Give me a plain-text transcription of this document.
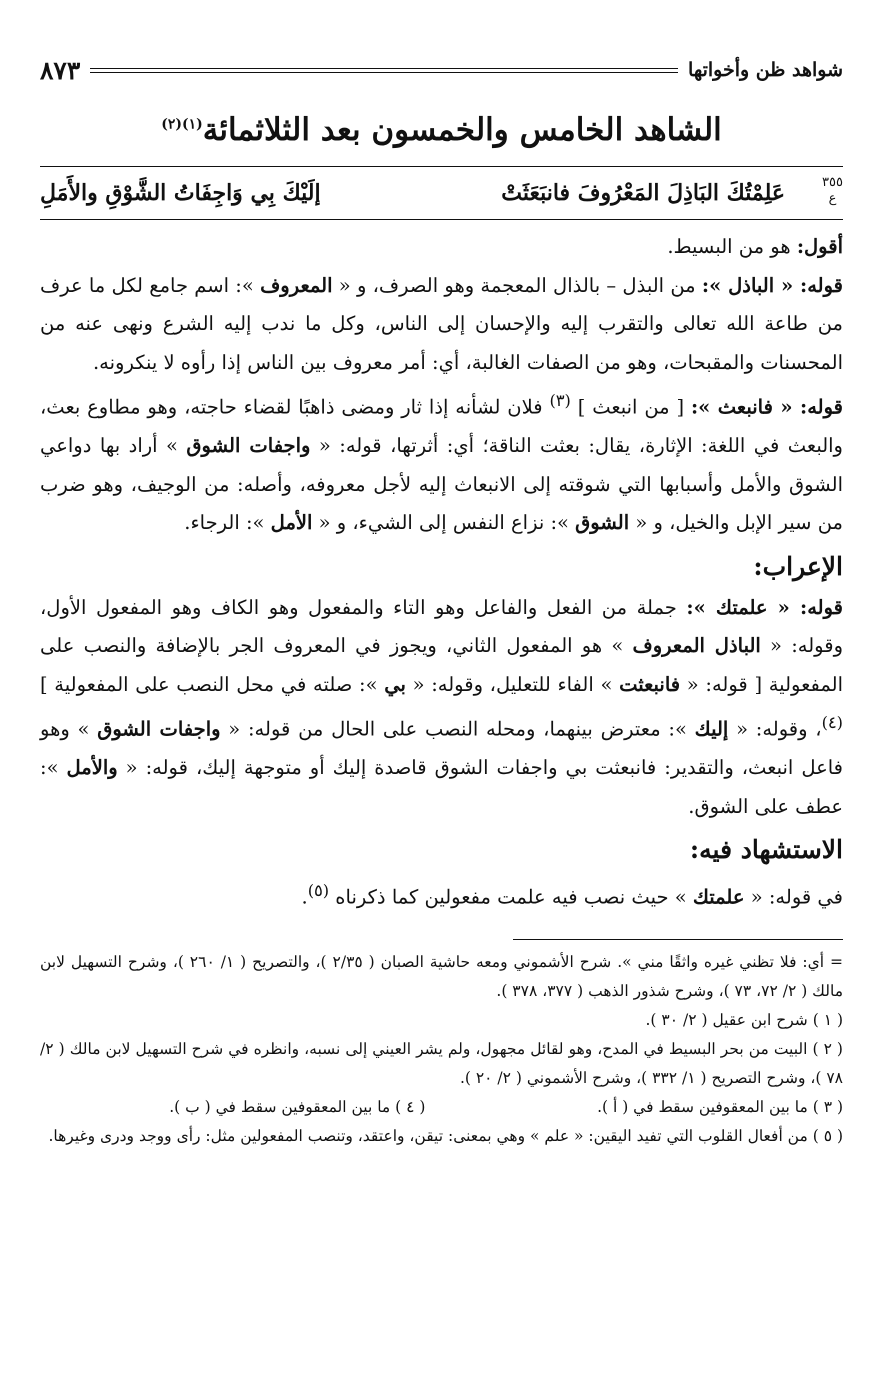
شواهد ظن وأخواتها
٨٧٣
الشاهد الخامس والخمسون بعد الثلاثمائة$^{(١)(٢)}$
٣٥٥
ع
عَلِمْتُكَ البَاذِلَ المَعْرُوفَ فانبَعَثَتْ
إلَيْكَ بِي وَاجِفَاتُ الشَّوْقِ والأَمَلِ

أقول: هو من البسيط.

قوله: « الباذل »: من البذل – بالذال المعجمة وهو الصرف، و « المعروف »: اسم جامع لكل ما عرف من طاعة الله تعالى والتقرب إليه والإحسان إلى الناس، وكل ما ندب إليه الشرع ونهى عنه من المحسنات والمقبحات، وهو من الصفات الغالبة، أي: أمر معروف بين الناس إذا رأوه لا ينكرونه.

قوله: « فانبعث »: [ من انبعث ] $^{(٣)}$ فلان لشأنه إذا ثار ومضى ذاهبًا لقضاء حاجته، وهو مطاوع بعث، والبعث في اللغة: الإثارة، يقال: بعثت الناقة؛ أي: أثرتها، قوله: « واجفات الشوق » أراد بها دواعي الشوق والأمل وأسبابها التي شوقته إلى الانبعاث إليه لأجل معروفه، وأصله: من الوجيف، وهو ضرب من سير الإبل والخيل، و « الشوق »: نزاع النفس إلى الشيء، و « الأمل »: الرجاء.

الإعراب:

قوله: « علمتك »: جملة من الفعل والفاعل وهو التاء والمفعول وهو الكاف وهو المفعول الأول، وقوله: « الباذل المعروف » هو المفعول الثاني، ويجوز في المعروف الجر بالإضافة والنصب على المفعولية [ قوله: « فانبعثت » الفاء للتعليل، وقوله: « بي »: صلته في محل النصب على المفعولية ] $^{(٤)}$، وقوله: « إليك »: معترض بينهما، ومحله النصب على الحال من قوله: « واجفات الشوق » وهو فاعل انبعث، والتقدير: فانبعثت بي واجفات الشوق قاصدة إليك أو متوجهة إليك، قوله: « والأمل »: عطف على الشوق.

الاستشهاد فيه:

في قوله: « علمتك » حيث نصب فيه علمت مفعولين كما ذكرناه $^{(٥)}$.

= أي: فلا تظني غيره واثقًا مني ». شرح الأشموني ومعه حاشية الصبان ( ٢/٣٥ )، والتصريح ( ١/ ٢٦٠ )، وشرح التسهيل لابن مالك ( ٢/ ٧٢، ٧٣ )، وشرح شذور الذهب ( ٣٧٧، ٣٧٨ ).

( ١ ) شرح ابن عقيل ( ٢/ ٣٠ ).

( ٢ ) البيت من بحر البسيط في المدح، وهو لقائل مجهول، ولم يشر العيني إلى نسبه، وانظره في شرح التسهيل لابن مالك ( ٢/ ٧٨ )، وشرح التصريح ( ١/ ٣٣٢ )، وشرح الأشموني ( ٢/ ٢٠ ).

( ٣ ) ما بين المعقوفين سقط في ( أ ).
( ٤ ) ما بين المعقوفين سقط في ( ب ).

( ٥ ) من أفعال القلوب التي تفيد اليقين: « علم » وهي بمعنى: تيقن، واعتقد، وتنصب المفعولين مثل: رأى ووجد ودرى وغيرها.
